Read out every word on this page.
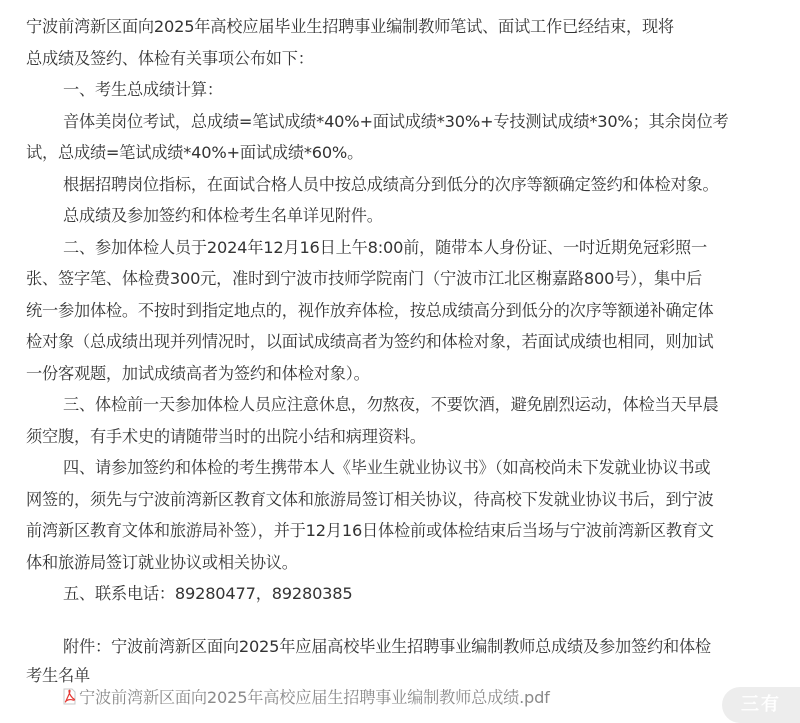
宁波前湾新区面向2025年高校应届毕业生招聘事业编制教师笔试、面试工作已经结束，现将
总成绩及签约、体检有关事项公布如下：
一、考生总成绩计算：
音体美岗位考试，总成绩=笔试成绩*40%+面试成绩*30%+专技测试成绩*30%；其余岗位考
试，总成绩=笔试成绩*40%+面试成绩*60%。
根据招聘岗位指标，在面试合格人员中按总成绩高分到低分的次序等额确定签约和体检对象。
总成绩及参加签约和体检考生名单详见附件。
二、参加体检人员于2024年12月16日上午8:00前，随带本人身份证、一吋近期免冠彩照一
张、签字笔、体检费300元，准时到宁波市技师学院南门（宁波市江北区榭嘉路800号），集中后
统一参加体检。不按时到指定地点的，视作放弃体检，按总成绩高分到低分的次序等额递补确定体
检对象（总成绩出现并列情况时，以面试成绩高者为签约和体检对象，若面试成绩也相同，则加试
一份客观题，加试成绩高者为签约和体检对象）。
三、体检前一天参加体检人员应注意休息，勿熬夜，不要饮酒，避免剧烈运动，体检当天早晨
须空腹，有手术史的请随带当时的出院小结和病理资料。
四、请参加签约和体检的考生携带本人《毕业生就业协议书》（如高校尚未下发就业协议书或
网签的，须先与宁波前湾新区教育文体和旅游局签订相关协议，待高校下发就业协议书后，到宁波
前湾新区教育文体和旅游局补签），并于12月16日体检前或体检结束后当场与宁波前湾新区教育文
体和旅游局签订就业协议或相关协议。
五、联系电话：89280477，89280385
附件：宁波前湾新区面向2025年应届高校毕业生招聘事业编制教师总成绩及参加签约和体检
考生名单
宁波前湾新区面向2025年高校应届生招聘事业编制教师总成绩.pdf	三有
